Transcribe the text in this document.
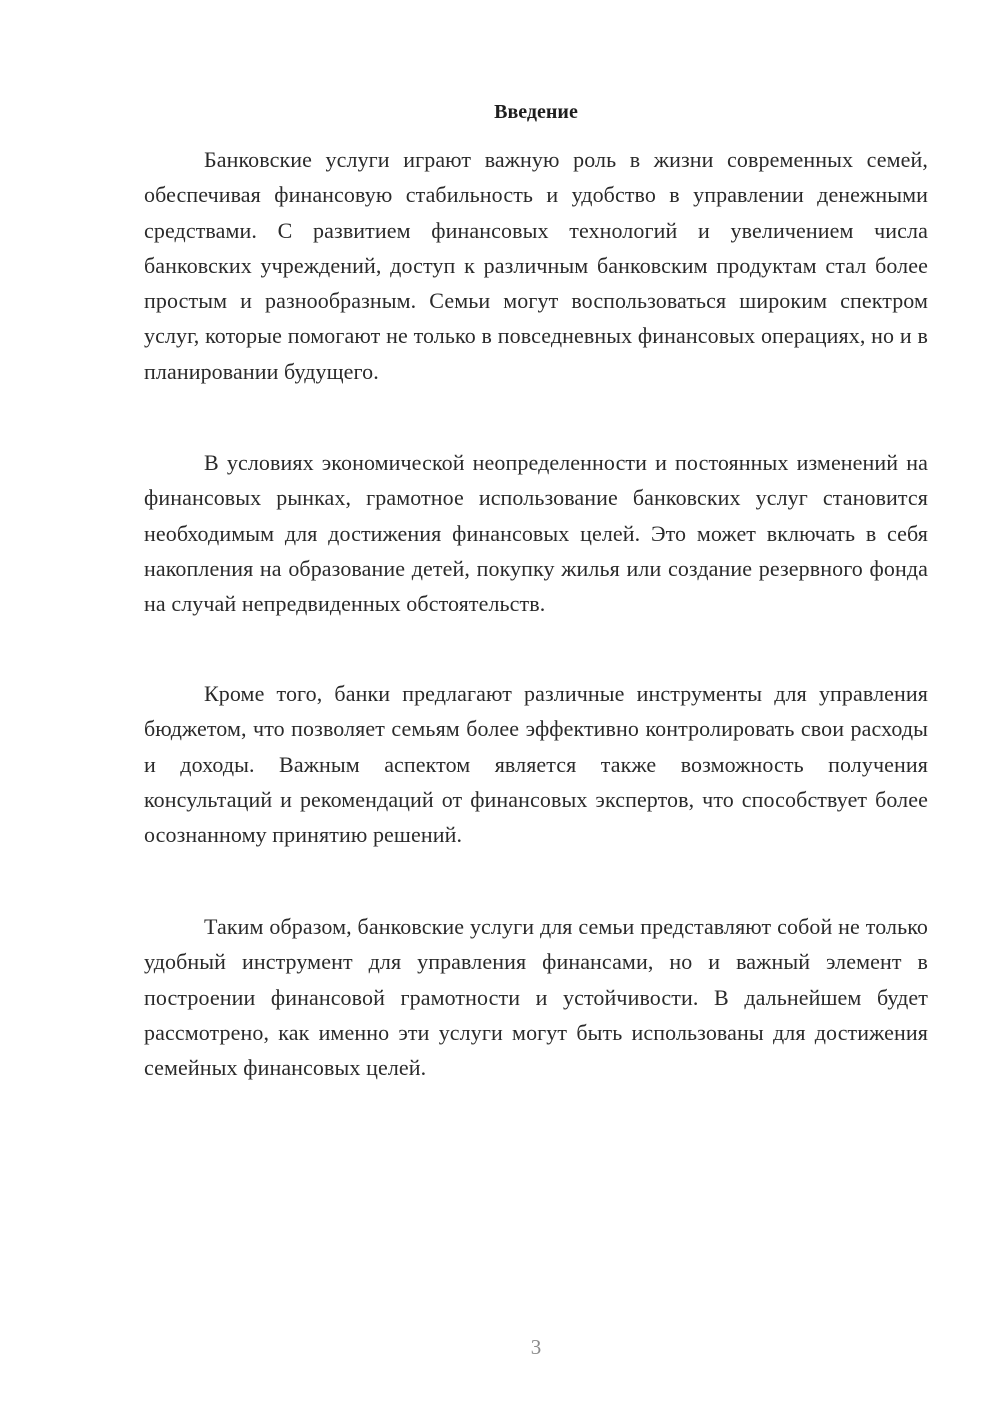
Введение

Банковские услуги играют важную роль в жизни современных семей, обеспечивая финансовую стабильность и удобство в управлении денежными средствами. С развитием финансовых технологий и увеличением числа банковских учреждений, доступ к различным банковским продуктам стал более простым и разнообразным. Семьи могут воспользоваться широким спектром услуг, которые помогают не только в повседневных финансовых операциях, но и в планировании будущего.

В условиях экономической неопределенности и постоянных изменений на финансовых рынках, грамотное использование банковских услуг становится необходимым для достижения финансовых целей. Это может включать в себя накопления на образование детей, покупку жилья или создание резервного фонда на случай непредвиденных обстоятельств.

Кроме того, банки предлагают различные инструменты для управления бюджетом, что позволяет семьям более эффективно контролировать свои расходы и доходы. Важным аспектом является также возможность получения консультаций и рекомендаций от финансовых экспертов, что способствует более осознанному принятию решений.

Таким образом, банковские услуги для семьи представляют собой не только удобный инструмент для управления финансами, но и важный элемент в построении финансовой грамотности и устойчивости. В дальнейшем будет рассмотрено, как именно эти услуги могут быть использованы для достижения семейных финансовых целей.

3
